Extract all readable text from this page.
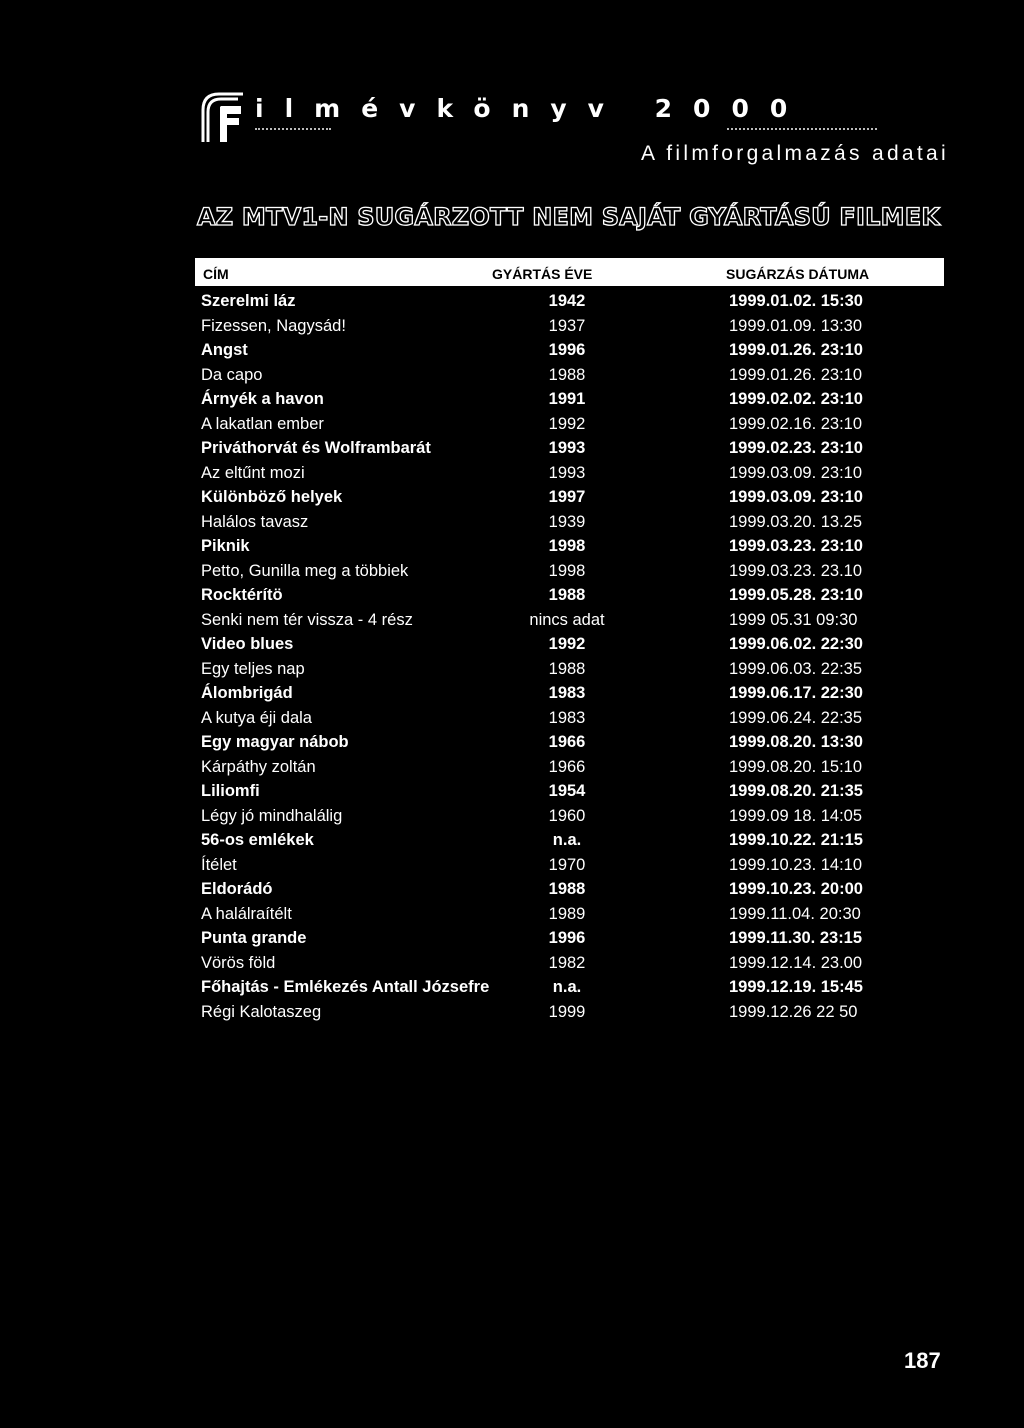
ilmévkönyv 2000
A filmforgalmazás adatai
AZ MTV1-N SUGÁRZOTT NEM SAJÁT GYÁRTÁSÚ FILMEK
CÍM	GYÁRTÁS ÉVE	SUGÁRZÁS DÁTUMA
Szerelmi láz	1942	1999.01.02. 15:30
Fizessen, Nagysád!	1937	1999.01.09. 13:30
Angst	1996	1999.01.26. 23:10
Da capo	1988	1999.01.26. 23:10
Árnyék a havon	1991	1999.02.02. 23:10
A lakatlan ember	1992	1999.02.16. 23:10
Priváthorvát és Wolframbarát	1993	1999.02.23. 23:10
Az eltűnt mozi	1993	1999.03.09. 23:10
Különböző helyek	1997	1999.03.09. 23:10
Halálos tavasz	1939	1999.03.20. 13.25
Piknik	1998	1999.03.23. 23:10
Petto, Gunilla meg a többiek	1998	1999.03.23. 23.10
Rocktérítö	1988	1999.05.28. 23:10
Senki nem tér vissza - 4 rész	nincs adat	1999 05.31 09:30
Video blues	1992	1999.06.02. 22:30
Egy teljes nap	1988	1999.06.03. 22:35
Álombrigád	1983	1999.06.17. 22:30
A kutya éji dala	1983	1999.06.24. 22:35
Egy magyar nábob	1966	1999.08.20. 13:30
Kárpáthy zoltán	1966	1999.08.20. 15:10
Liliomfi	1954	1999.08.20. 21:35
Légy jó mindhalálig	1960	1999.09 18. 14:05
56-os emlékek	n.a.	1999.10.22. 21:15
Ítélet	1970	1999.10.23. 14:10
Eldorádó	1988	1999.10.23. 20:00
A halálraítélt	1989	1999.11.04. 20:30
Punta grande	1996	1999.11.30. 23:15
Vörös föld	1982	1999.12.14. 23.00
Főhajtás - Emlékezés Antall Józsefre	n.a.	1999.12.19. 15:45
Régi Kalotaszeg	1999	1999.12.26 22 50
187
